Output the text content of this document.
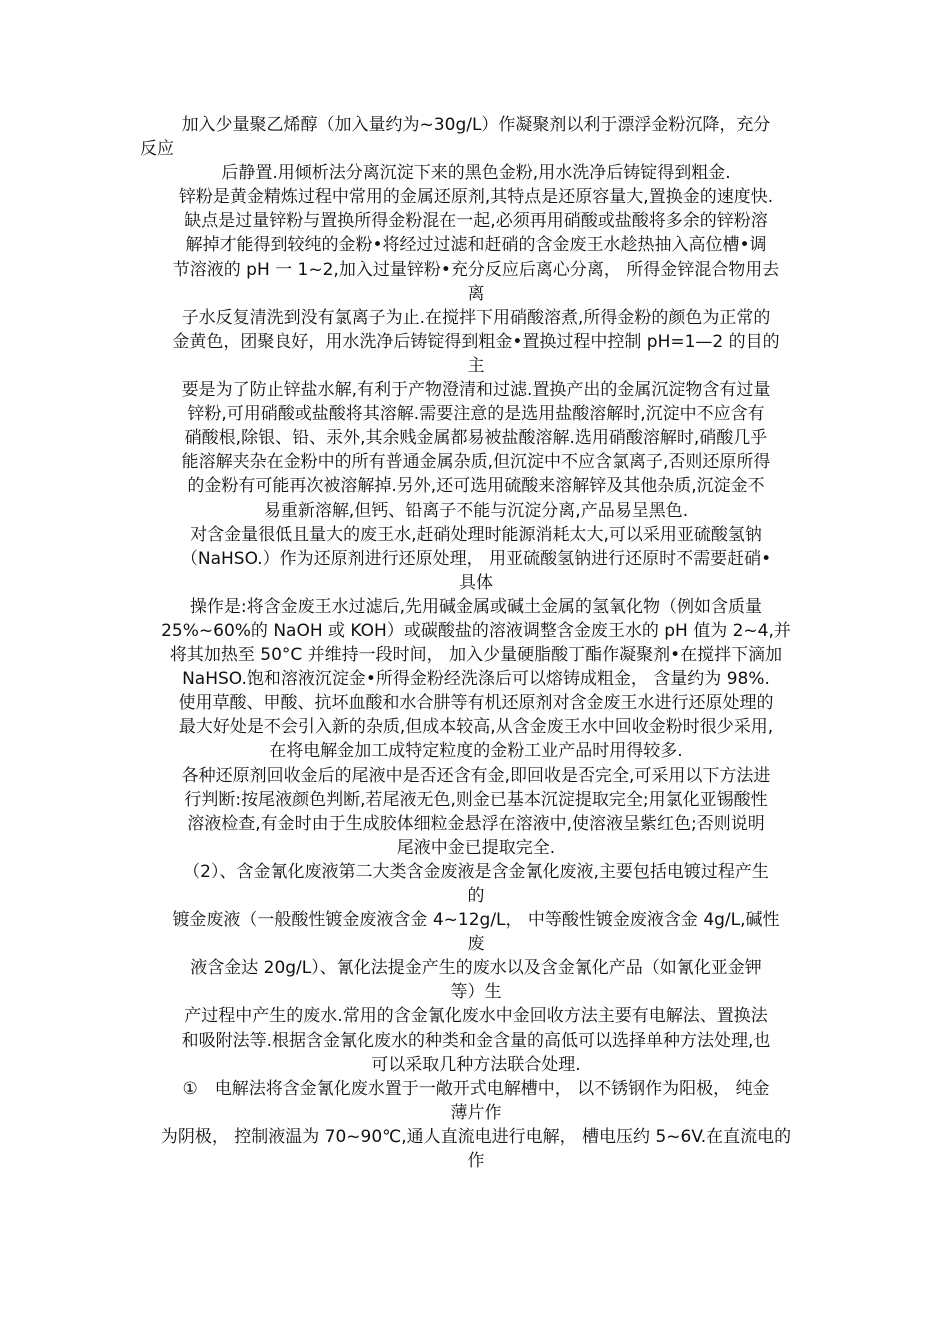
加入少量聚乙烯醇（加入量约为~30g/L）作凝聚剂以利于漂浮金粉沉降，充分
反应
后静置.用倾析法分离沉淀下来的黑色金粉,用水洗净后铸锭得到粗金.
锌粉是黄金精炼过程中常用的金属还原剂,其特点是还原容量大,置换金的速度快.
缺点是过量锌粉与置换所得金粉混在一起,必须再用硝酸或盐酸将多余的锌粉溶
解掉才能得到较纯的金粉•将经过过滤和赶硝的含金废王水趁热抽入高位槽•调
节溶液的 pH 一 1~2,加入过量锌粉•充分反应后离心分离， 所得金锌混合物用去
离
子水反复清洗到没有氯离子为止.在搅拌下用硝酸溶煮,所得金粉的颜色为正常的
金黄色，团聚良好，用水洗净后铸锭得到粗金•置换过程中控制 pH=1—2 的目的
主
要是为了防止锌盐水解,有利于产物澄清和过滤.置换产出的金属沉淀物含有过量
锌粉,可用硝酸或盐酸将其溶解.需要注意的是选用盐酸溶解时,沉淀中不应含有
硝酸根,除银、铅、汞外,其余贱金属都易被盐酸溶解.选用硝酸溶解时,硝酸几乎
能溶解夹杂在金粉中的所有普通金属杂质,但沉淀中不应含氯离子,否则还原所得
的金粉有可能再次被溶解掉.另外,还可选用硫酸来溶解锌及其他杂质,沉淀金不
易重新溶解,但钙、铅离子不能与沉淀分离,产品易呈黑色.
对含金量很低且量大的废王水,赶硝处理时能源消耗太大,可以采用亚硫酸氢钠
（NaHSO.）作为还原剂进行还原处理， 用亚硫酸氢钠进行还原时不需要赶硝•
具体
操作是:将含金废王水过滤后,先用碱金属或碱土金属的氢氧化物（例如含质量
25%~60%的 NaOH 或 KOH）或碳酸盐的溶液调整含金废王水的 pH 值为 2~4,并
将其加热至 50°C 并维持一段时间， 加入少量硬脂酸丁酯作凝聚剂•在搅拌下滴加
NaHSO.饱和溶液沉淀金•所得金粉经洗涤后可以熔铸成粗金， 含量约为 98%.
使用草酸、甲酸、抗坏血酸和水合肼等有机还原剂对含金废王水进行还原处理的
最大好处是不会引入新的杂质,但成本较高,从含金废王水中回收金粉时很少采用,
在将电解金加工成特定粒度的金粉工业产品时用得较多.
各种还原剂回收金后的尾液中是否还含有金,即回收是否完全,可采用以下方法进
行判断:按尾液颜色判断,若尾液无色,则金已基本沉淀提取完全;用氯化亚锡酸性
溶液检查,有金时由于生成胶体细粒金悬浮在溶液中,使溶液呈紫红色;否则说明
尾液中金已提取完全.
（2）、含金氰化废液第二大类含金废液是含金氰化废液,主要包括电镀过程产生
的
镀金废液（一般酸性镀金废液含金 4~12g/L， 中等酸性镀金废液含金 4g/L,碱性
废
液含金达 20g/L）、氰化法提金产生的废水以及含金氰化产品（如氰化亚金钾
等）生
产过程中产生的废水.常用的含金氰化废水中金回收方法主要有电解法、置换法
和吸附法等.根据含金氰化废水的种类和金含量的高低可以选择单种方法处理,也
可以采取几种方法联合处理.
①　电解法将含金氰化废水置于一敞开式电解槽中， 以不锈钢作为阳极， 纯金
薄片作
为阴极， 控制液温为 70~90℃,通人直流电进行电解， 槽电压约 5~6V.在直流电的
作
